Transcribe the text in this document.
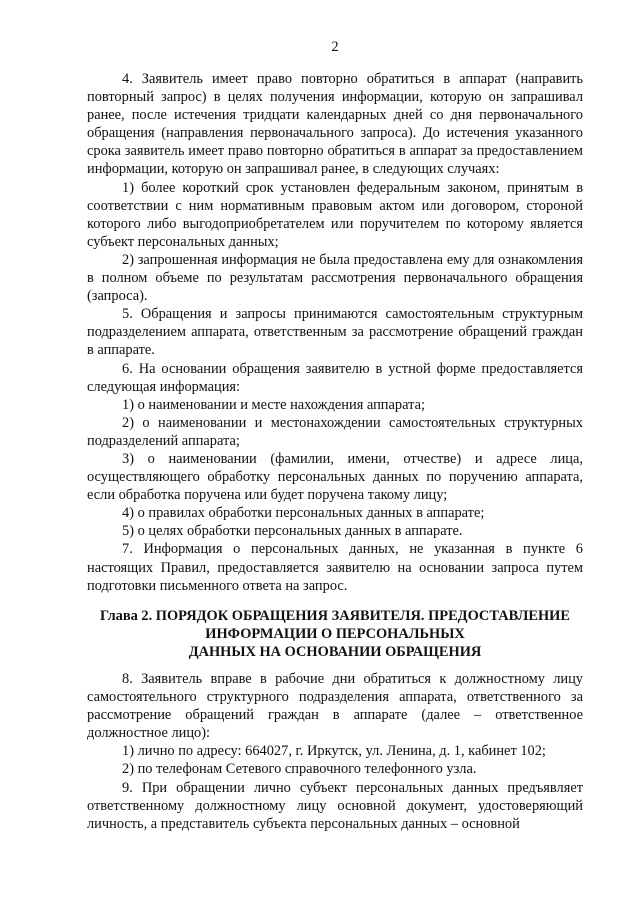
2

4. Заявитель имеет право повторно обратиться в аппарат (направить повторный запрос) в целях получения информации, которую он запрашивал ранее, после истечения тридцати календарных дней со дня первоначального обращения (направления первоначального запроса). До истечения указанного срока заявитель имеет право повторно обратиться в аппарат за предоставлением информации, которую он запрашивал ранее, в следующих случаях:

1) более короткий срок установлен федеральным законом, принятым в соответствии с ним нормативным правовым актом или договором, стороной которого либо выгодоприобретателем или поручителем по которому является субъект персональных данных;

2) запрошенная информация не была предоставлена ему для ознакомления в полном объеме по результатам рассмотрения первоначального обращения (запроса).

5. Обращения и запросы принимаются самостоятельным структурным подразделением аппарата, ответственным за рассмотрение обращений граждан в аппарате.

6. На основании обращения заявителю в устной форме предоставляется следующая информация:

1) о наименовании и месте нахождения аппарата;

2) о наименовании и местонахождении самостоятельных структурных подразделений аппарата;

3) о наименовании (фамилии, имени, отчестве) и адресе лица, осуществляющего обработку персональных данных по поручению аппарата, если обработка поручена или будет поручена такому лицу;

4) о правилах обработки персональных данных в аппарате;

5) о целях обработки персональных данных в аппарате.

7. Информация о персональных данных, не указанная в пункте 6 настоящих Правил, предоставляется заявителю на основании запроса путем подготовки письменного ответа на запрос.

Глава 2. ПОРЯДОК ОБРАЩЕНИЯ ЗАЯВИТЕЛЯ. ПРЕДОСТАВЛЕНИЕ
ИНФОРМАЦИИ О ПЕРСОНАЛЬНЫХ
ДАННЫХ НА ОСНОВАНИИ ОБРАЩЕНИЯ

8. Заявитель вправе в рабочие дни обратиться к должностному лицу самостоятельного структурного подразделения аппарата, ответственного за рассмотрение обращений граждан в аппарате (далее – ответственное должностное лицо):

1) лично по адресу: 664027, г. Иркутск, ул. Ленина, д. 1, кабинет 102;

2) по телефонам Сетевого справочного телефонного узла.

9. При обращении лично субъект персональных данных предъявляет ответственному должностному лицу основной документ, удостоверяющий личность, а представитель субъекта персональных данных – основной
